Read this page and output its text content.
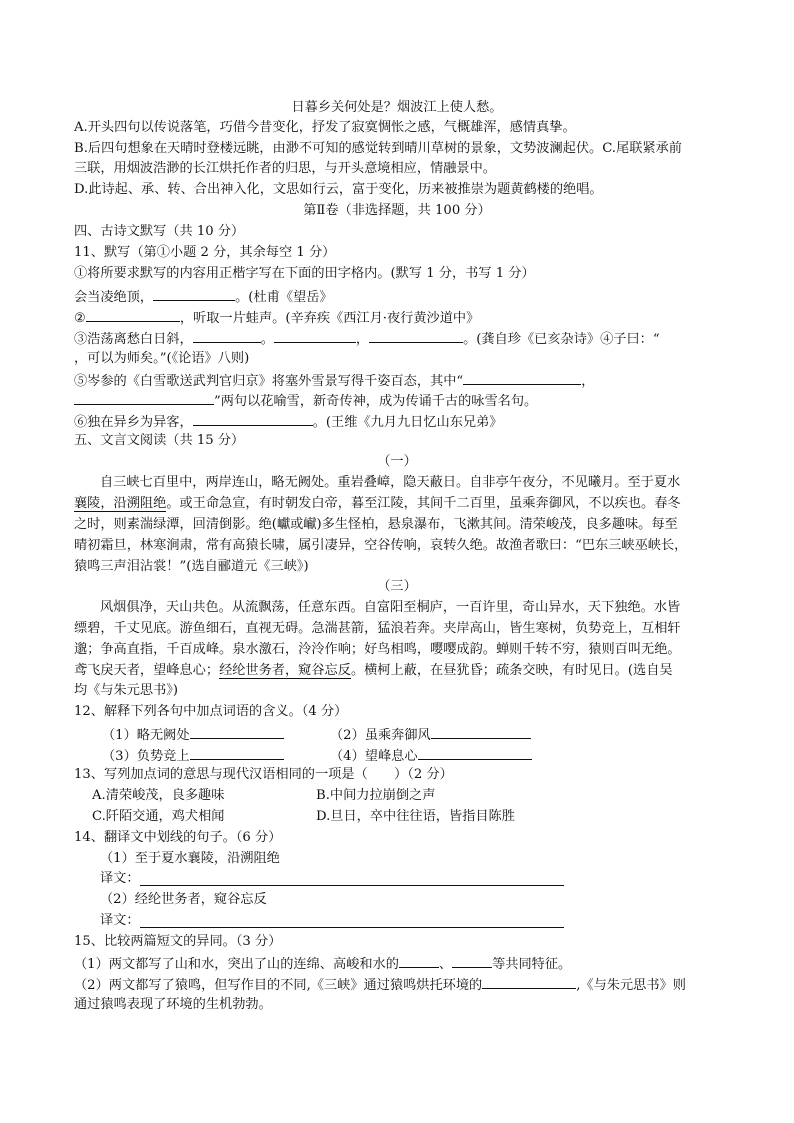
日暮乡关何处是？烟波江上使人愁。
A.开头四句以传说落笔，巧借今昔变化，抒发了寂寞惆怅之感，气概雄浑，感情真挚。
B.后四句想象在天晴时登楼远眺，由渺不可知的感觉转到晴川草树的景象，文势波澜起伏。C.尾联紧承前
三联，用烟波浩渺的长江烘托作者的归思，与开头意境相应，情融景中。
D.此诗起、承、转、合出神入化，文思如行云，富于变化，历来被推崇为题黄鹤楼的绝唱。
第Ⅱ卷（非选择题，共 100 分）
四、古诗文默写（共 10 分）
11、默写（第①小题 2 分，其余每空 1 分）
①将所要求默写的内容用正楷字写在下面的田字格内。(默写 1 分，书写 1 分）
会当凌绝顶，	。(杜甫《望岳》
②	，听取一片蛙声。(辛弃疾《西江月·夜行黄沙道中》
③浩荡离愁白日斜，	。	，	。(龚自珍《已亥杂诗》④子曰：“
，可以为师矣。”(《论语》八则)
⑤岑参的《白雪歌送武判官归京》将塞外雪景写得千姿百态，其中“	，
”两句以花喻雪，新奇传神，成为传诵千古的咏雪名句。
⑥独在异乡为异客，	。(王维《九月九日忆山东兄弟》
五、文言文阅读（共 15 分）
（一）
自三峡七百里中，两岸连山，略无阙处。重岩叠嶂，隐天蔽日。自非亭午夜分，不见曦月。至于夏水
襄陵，沿溯阻绝。或王命急宣，有时朝发白帝，暮至江陵，其间千二百里，虽乘奔御风，不以疾也。春冬
之时，则素湍绿潭，回清倒影。绝(巘或𪩘)多生怪柏，悬泉瀑布，飞漱其间。清荣峻茂，良多趣味。每至
晴初霜旦，林寒涧肃，常有高猿长啸，属引凄异，空谷传响，哀转久绝。故渔者歌曰：“巴东三峡巫峡长，
猿鸣三声泪沾裳！”(选自郦道元《三峡》)
（三）
风烟俱净，天山共色。从流飘荡，任意东西。自富阳至桐庐，一百许里，奇山异水，天下独绝。水皆
缥碧，千丈见底。游鱼细石，直视无碍。急湍甚箭，猛浪若奔。夹岸高山，皆生寒树，负势竞上，互相轩
邈；争高直指，千百成峰。泉水激石，泠泠作响；好鸟相鸣，嘤嘤成韵。蝉则千转不穷，猿则百叫无绝。
鸢飞戾天者，望峰息心；经纶世务者，窥谷忘反。横柯上蔽，在昼犹昏；疏条交映，有时见日。(选自吴
均《与朱元思书》)
12、解释下列各句中加点词语的含义。（4 分）
（1）略无阙处	（2）虽乘奔御风
（3）负势竞上	（4）望峰息心
13、写列加点词的意思与现代汉语相同的一项是（　　）（2 分）
A.清荣峻茂，良多趣味	B.中间力拉崩倒之声
C.阡陌交通，鸡犬相闻	D.旦日，卒中往往语，皆指目陈胜
14、翻译文中划线的句子。（6 分）
（1）至于夏水襄陵，沿溯阻绝
译文：
（2）经纶世务者，窥谷忘反
译文：
15、比较两篇短文的异同。（3 分）
（1）两文都写了山和水，突出了山的连绵、高峻和水的	、	等共同特征。
（2）两文都写了猿鸣，但写作目的不同,《三峡》通过猿鸣烘托环境的	,《与朱元思书》则
通过猿鸣表现了环境的生机勃勃。
